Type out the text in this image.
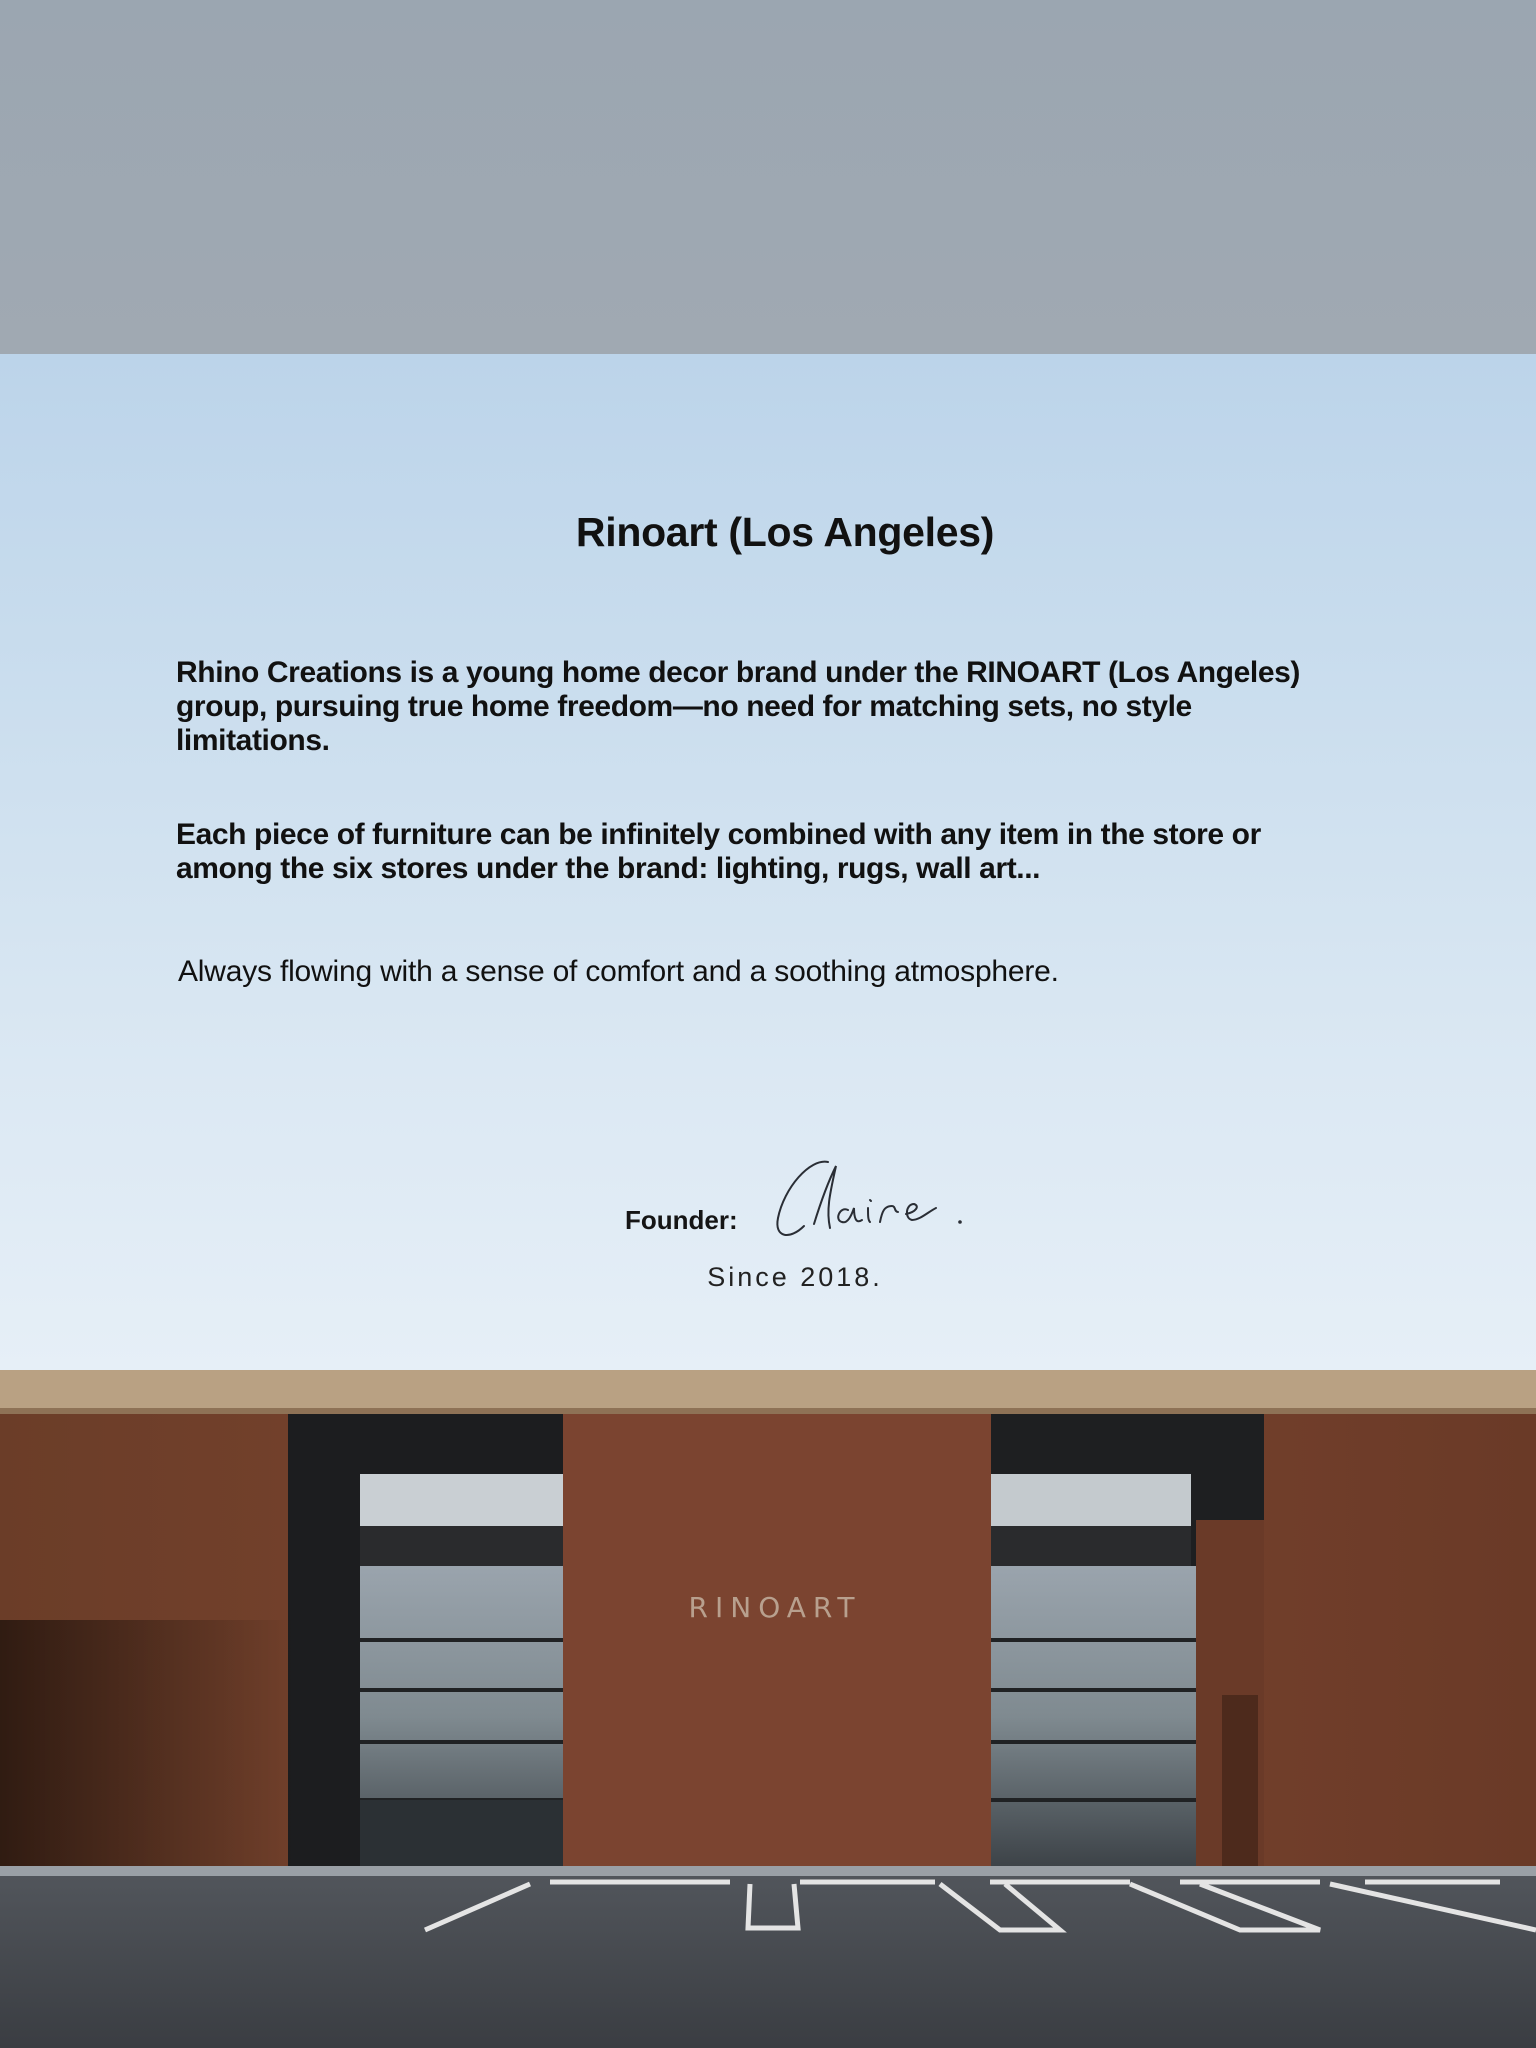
Rinoart (Los Angeles)

Rhino Creations is a young home decor brand under the RINOART (Los Angeles) group, pursuing true home freedom—no need for matching sets, no style limitations.

Each piece of furniture can be infinitely combined with any item in the store or among the six stores under the brand: lighting, rugs, wall art...

Always flowing with a sense of comfort and a soothing atmosphere.

Founder:
Since 2018.
RINOART
